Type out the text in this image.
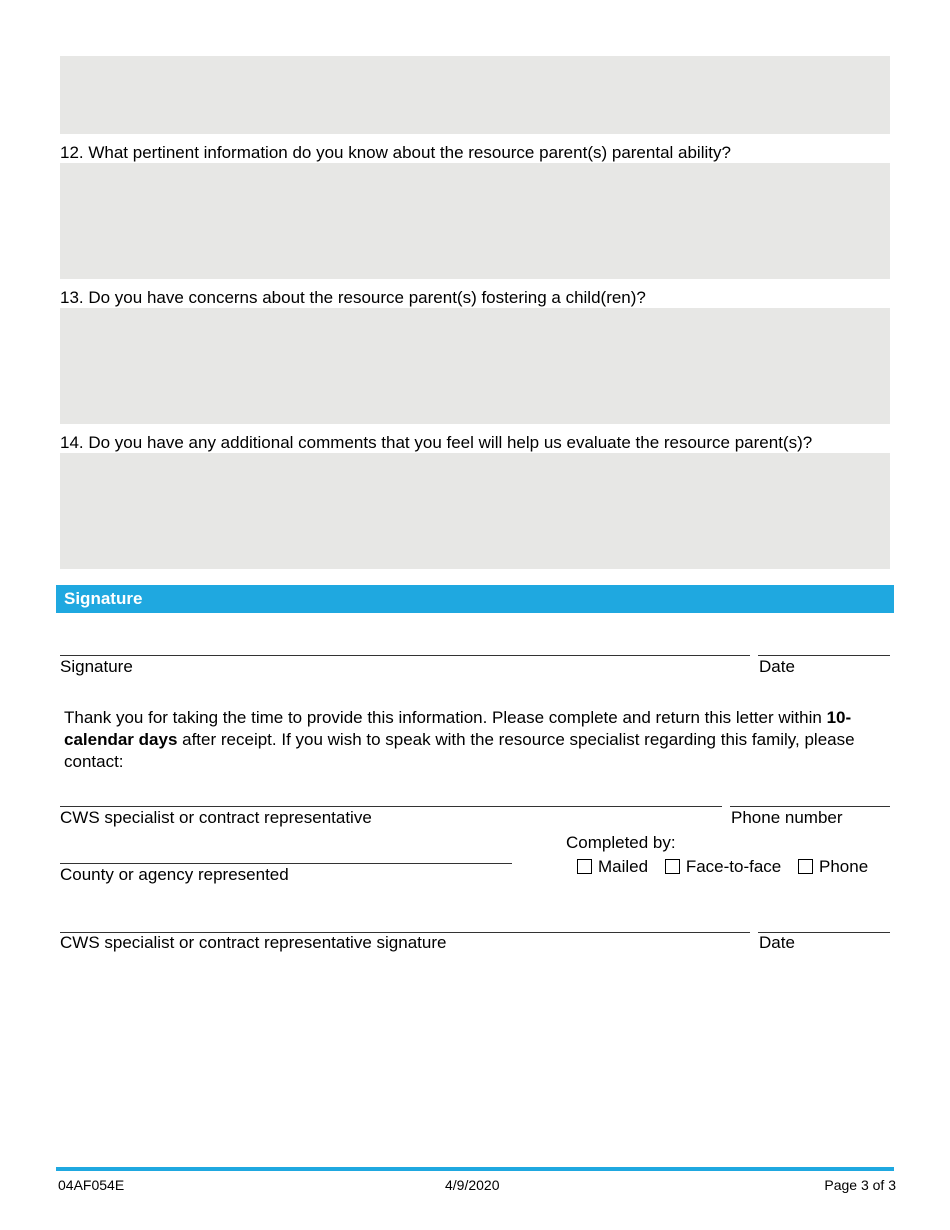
12. What pertinent information do you know about the resource parent(s) parental ability?
13. Do you have concerns about the resource parent(s) fostering a child(ren)?
14. Do you have any additional comments that you feel will help us evaluate the resource parent(s)?
Signature
Signature	Date
Thank you for taking the time to provide this information. Please complete and return this letter within 10-calendar days after receipt. If you wish to speak with the resource specialist regarding this family, please contact:
CWS specialist or contract representative	Phone number
County or agency represented
Completed by:
Mailed Face-to-face Phone
CWS specialist or contract representative signature	Date
04AF054E	4/9/2020	Page 3 of 3
